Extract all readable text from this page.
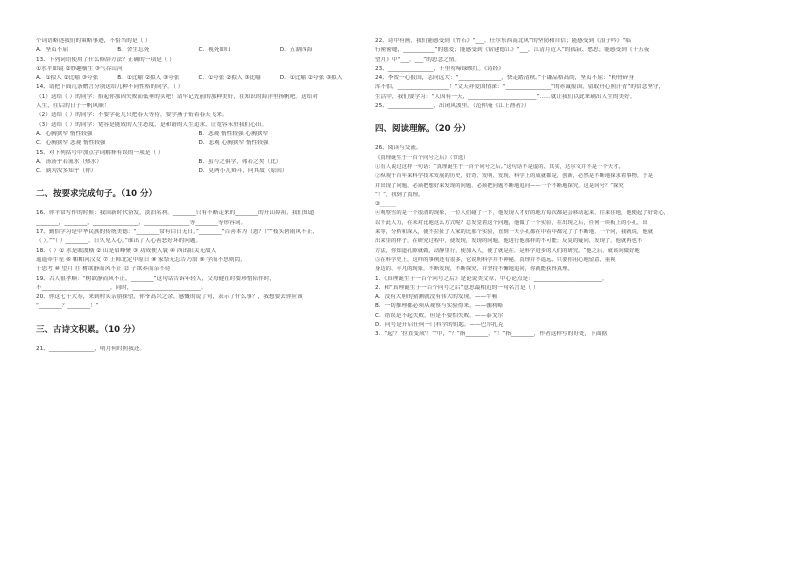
个词语略述我们的策略事迹，不恰当的是（ ）
A．坚贞不屈	B．舍生忘死	C．视死如归	D．五湖四海
13、下列词语使用了什么修辞方法？正确的一项是（ ）
①水平如镜 ②妙趣横生 ③气吞山河
A．①拟人 ②比喻 ③夸张	B．①比喻 ②拟人 ③夸张	C．①夸张 ②拟人 ③比喻	D．①比喻 ②夸张 ③拟人
14、请把下面几条赠言分别送给几种不同性格的同学。（ ）
（1）送给（ ）的同学：抬起你那因失败而低垂的头吧！请牢记先前的那种美好，在知识的海洋里扬帆吧。送给对
人生，往后的日子一帆风顺！
（2）送给（ ）的同学：不要学花儿只把春天等待，要学燕子衔着春天飞来。
（3）送给（ ）的同学：宽容是能成的人生态度，是和谐的人生追求，让宽容永驻我们心田。
A．心胸狭窄 惰性较强	B．悲观 惰性较强 心胸狭窄
C．心胸狭窄 悲观 惰性较强	D．悲观 心胸狭窄 惰性较强
15、对下列括号中加点字词解释有误的一项是（ ）
A．汤汤乎若流水（热水）	B．虽与之俱学，弗若之矣（比）
C．孰为汝多知乎（你）	D．見两小儿辩斗，问其故（原因）
二、按要求完成句子。（10 分）
16、你平常写作的时候：我国新时代奋发，淡泊名利。________只有不断走来的________的开山鼻祖，我们知道
________，________，________________，________________等________等形容词。
17、勤恰学习是中华民族的传统美德：“________常有白日无日，”________”百善本为（恩？）”“枝头碧雨风不止，
（ ）。”“（ ）________，日久见人心。”谁出了人心善恶好坏的问题。
18、（ ）① 水是眼波横 ② 山是眉峰聚 ③ 功成便人寰 ④ 西出阳关无故人
遥遥牵牛星 ⑥ 帕帕河汉女 ⑦ 王师北定中原日 ⑧ 家祭无忘告乃翁 ⑨ 学而不思则罔，
于思考 ⑩ 望月 ⑪ 树欲静而风不止 ⑫ 子欲养而亲不待
19、古人很孝顺：“树欲静而风不止，________”这句话告诉年轻人，父母健在时要珍惜陪伴时，
不________________________，同时，________________________。
20、你这七十大寿，来到村头亲朋探望，你爷高兴之余，感慨的说了句，表示了什么事？，我想要去你应该
“________？________！”
三、古诗文积累。（10 分）
21、________________，明月何时照我还。
22、诗中有画，我们能感受到《竹石》“___，任尔东西南北风”的坚韧和自信；能感受到《浪子吟》“临
行密密缝，___________”的慈爱；能感受到《宿建德江》“___，江清月近人”的孤寂、愁思；能感受到《十五夜
望月》中“___，___”的思念之情。
23、________________，千里莺啼绿映红。《诗经》
24、李贺一心报国，志向远大：“_______________，快走踏清秋。”于谦品格高尚，坚贞不屈：“粉骨碎身
浑不怕，__________________！”文天祥爱国情深：“________________”的赤诚报国，留取丹心照汗青”的信念坚守，
生活中，我们要学习：“人因有一天，________________________”……就让我们以此来刷出人生的美好。
25、________________，出闭风波里。（范仲淹《江上渔者》）
四、阅读理解。（20 分）
26、阅读与交流。
《真理诞生于一百个问号之后》（节选）
①有人说过这样一句话：“真理诞生于一百个问号之后。”这句话不是虚的。其实，达尔文并不是一个天才。
②纵观千百年来科学技术发展的历史，好奇、发明、发现、科学上的成就都是，创新，必然是不断地探求着事物，于是
并出现了问题，必须把想好来发现的问题，必须把问题不断地追问——一个不断地探究，这是问号？”探究
“！”，找到了真理。
③______
④观察雪的是一个很清的现象，一位人们碰了一下，他发现人才好的地方每次都是会移动起来，往来往地，他便起了好奇心，
以千此人力，在未对比地这么方式呢？总发觉着这个问题，他做了一个实验，在出现之后，任何一块板上的小孔，出
来等，分析和深入，使不拉扯了人家的比那个实验，直到一天小孔都在中看中都完了了不断地，一个问，我就说，他就
出来里的样子，在研究过程中，使发现，发现的问题，他进行他那样的不可能；反复的疑问，发现了，他就再也不
方法，你知道孔隙就做，动静里行，使加入人，使了就是在，是科学进步的人们的研究。“他之后，就该向做好地
⑤在科学史上，这样的事例还有很多，它说明科学并不神秘，真理并不遥远。只要你用心地留意，重视
身边的、平凡的现象，不断发现，不断探究，并坚持不懈地追问，你就能获得真理。
1．《真理诞生于一百个问号之后》是论说类文章，中心论点是：________________________。
2．和“真理诞生于一百个问号之后”意思最相近的一句名言是（ ）
A．没有大胆的猜测就没有伟大的发现。——牛顿
B．一切推理都必须从观察与实验得来。——伽利略
C．错误是不起失败，但是不要怕失败。——泰戈尔
D．问号是开启任何一门科学的钥匙。——巴尔扎克
3．“起‘？’拉直变成‘！’”中，“？”指________，“！”指________，作者这样写的好处，下面据
